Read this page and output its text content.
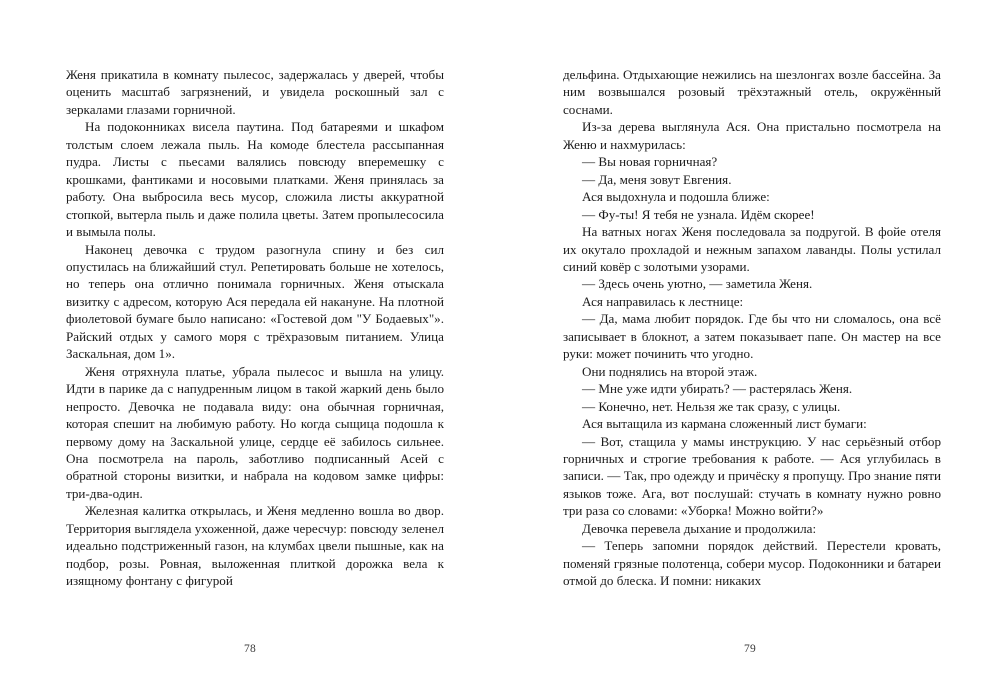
Женя прикатила в комнату пылесос, задержалась у дверей, чтобы оценить масштаб загрязнений, и увидела роскошный зал с зеркалами глазами горничной.

На подоконниках висела паутина. Под батареями и шкафом толстым слоем лежала пыль. На комоде блестела рассыпанная пудра. Листы с пьесами валялись повсюду вперемешку с крошками, фантиками и носовыми платками. Женя принялась за работу. Она выбросила весь мусор, сложила листы аккуратной стопкой, вытерла пыль и даже полила цветы. Затем пропылесосила и вымыла полы.

Наконец девочка с трудом разогнула спину и без сил опустилась на ближайший стул. Репетировать больше не хотелось, но теперь она отлично понимала горничных. Женя отыскала визитку с адресом, которую Ася передала ей накануне. На плотной фиолетовой бумаге было написано: «Гостевой дом "У Бодаевых"». Райский отдых у самого моря с трёхразовым питанием. Улица Заскальная, дом 1».

Женя отряхнула платье, убрала пылесос и вышла на улицу. Идти в парике да с напудренным лицом в такой жаркий день было непросто. Девочка не подавала виду: она обычная горничная, которая спешит на любимую работу. Но когда сыщица подошла к первому дому на Заскальной улице, сердце её забилось сильнее. Она посмотрела на пароль, заботливо подписанный Асей с обратной стороны визитки, и набрала на кодовом замке цифры: три-два-один.

Железная калитка открылась, и Женя медленно вошла во двор. Территория выглядела ухоженной, даже чересчур: повсюду зеленел идеально подстриженный газон, на клумбах цвели пышные, как на подбор, розы. Ровная, выложенная плиткой дорожка вела к изящному фонтану с фигурой

78

дельфина. Отдыхающие нежились на шезлонгах возле бассейна. За ним возвышался розовый трёхэтажный отель, окружённый соснами.

Из-за дерева выглянула Ася. Она пристально посмотрела на Женю и нахмурилась:

— Вы новая горничная?

— Да, меня зовут Евгения.

Ася выдохнула и подошла ближе:

— Фу-ты! Я тебя не узнала. Идём скорее!

На ватных ногах Женя последовала за подругой. В фойе отеля их окутало прохладой и нежным запахом лаванды. Полы устилал синий ковёр с золотыми узорами.

— Здесь очень уютно, — заметила Женя.

Ася направилась к лестнице:

— Да, мама любит порядок. Где бы что ни сломалось, она всё записывает в блокнот, а затем показывает папе. Он мастер на все руки: может починить что угодно.

Они поднялись на второй этаж.

— Мне уже идти убирать? — растерялась Женя.

— Конечно, нет. Нельзя же так сразу, с улицы.

Ася вытащила из кармана сложенный лист бумаги:

— Вот, стащила у мамы инструкцию. У нас серьёзный отбор горничных и строгие требования к работе. — Ася углубилась в записи. — Так, про одежду и причёску я пропущу. Про знание пяти языков тоже. Ага, вот послушай: стучать в комнату нужно ровно три раза со словами: «Уборка! Можно войти?»

Девочка перевела дыхание и продолжила:

— Теперь запомни порядок действий. Перестели кровать, поменяй грязные полотенца, собери мусор. Подоконники и батареи отмой до блеска. И помни: никаких

79
